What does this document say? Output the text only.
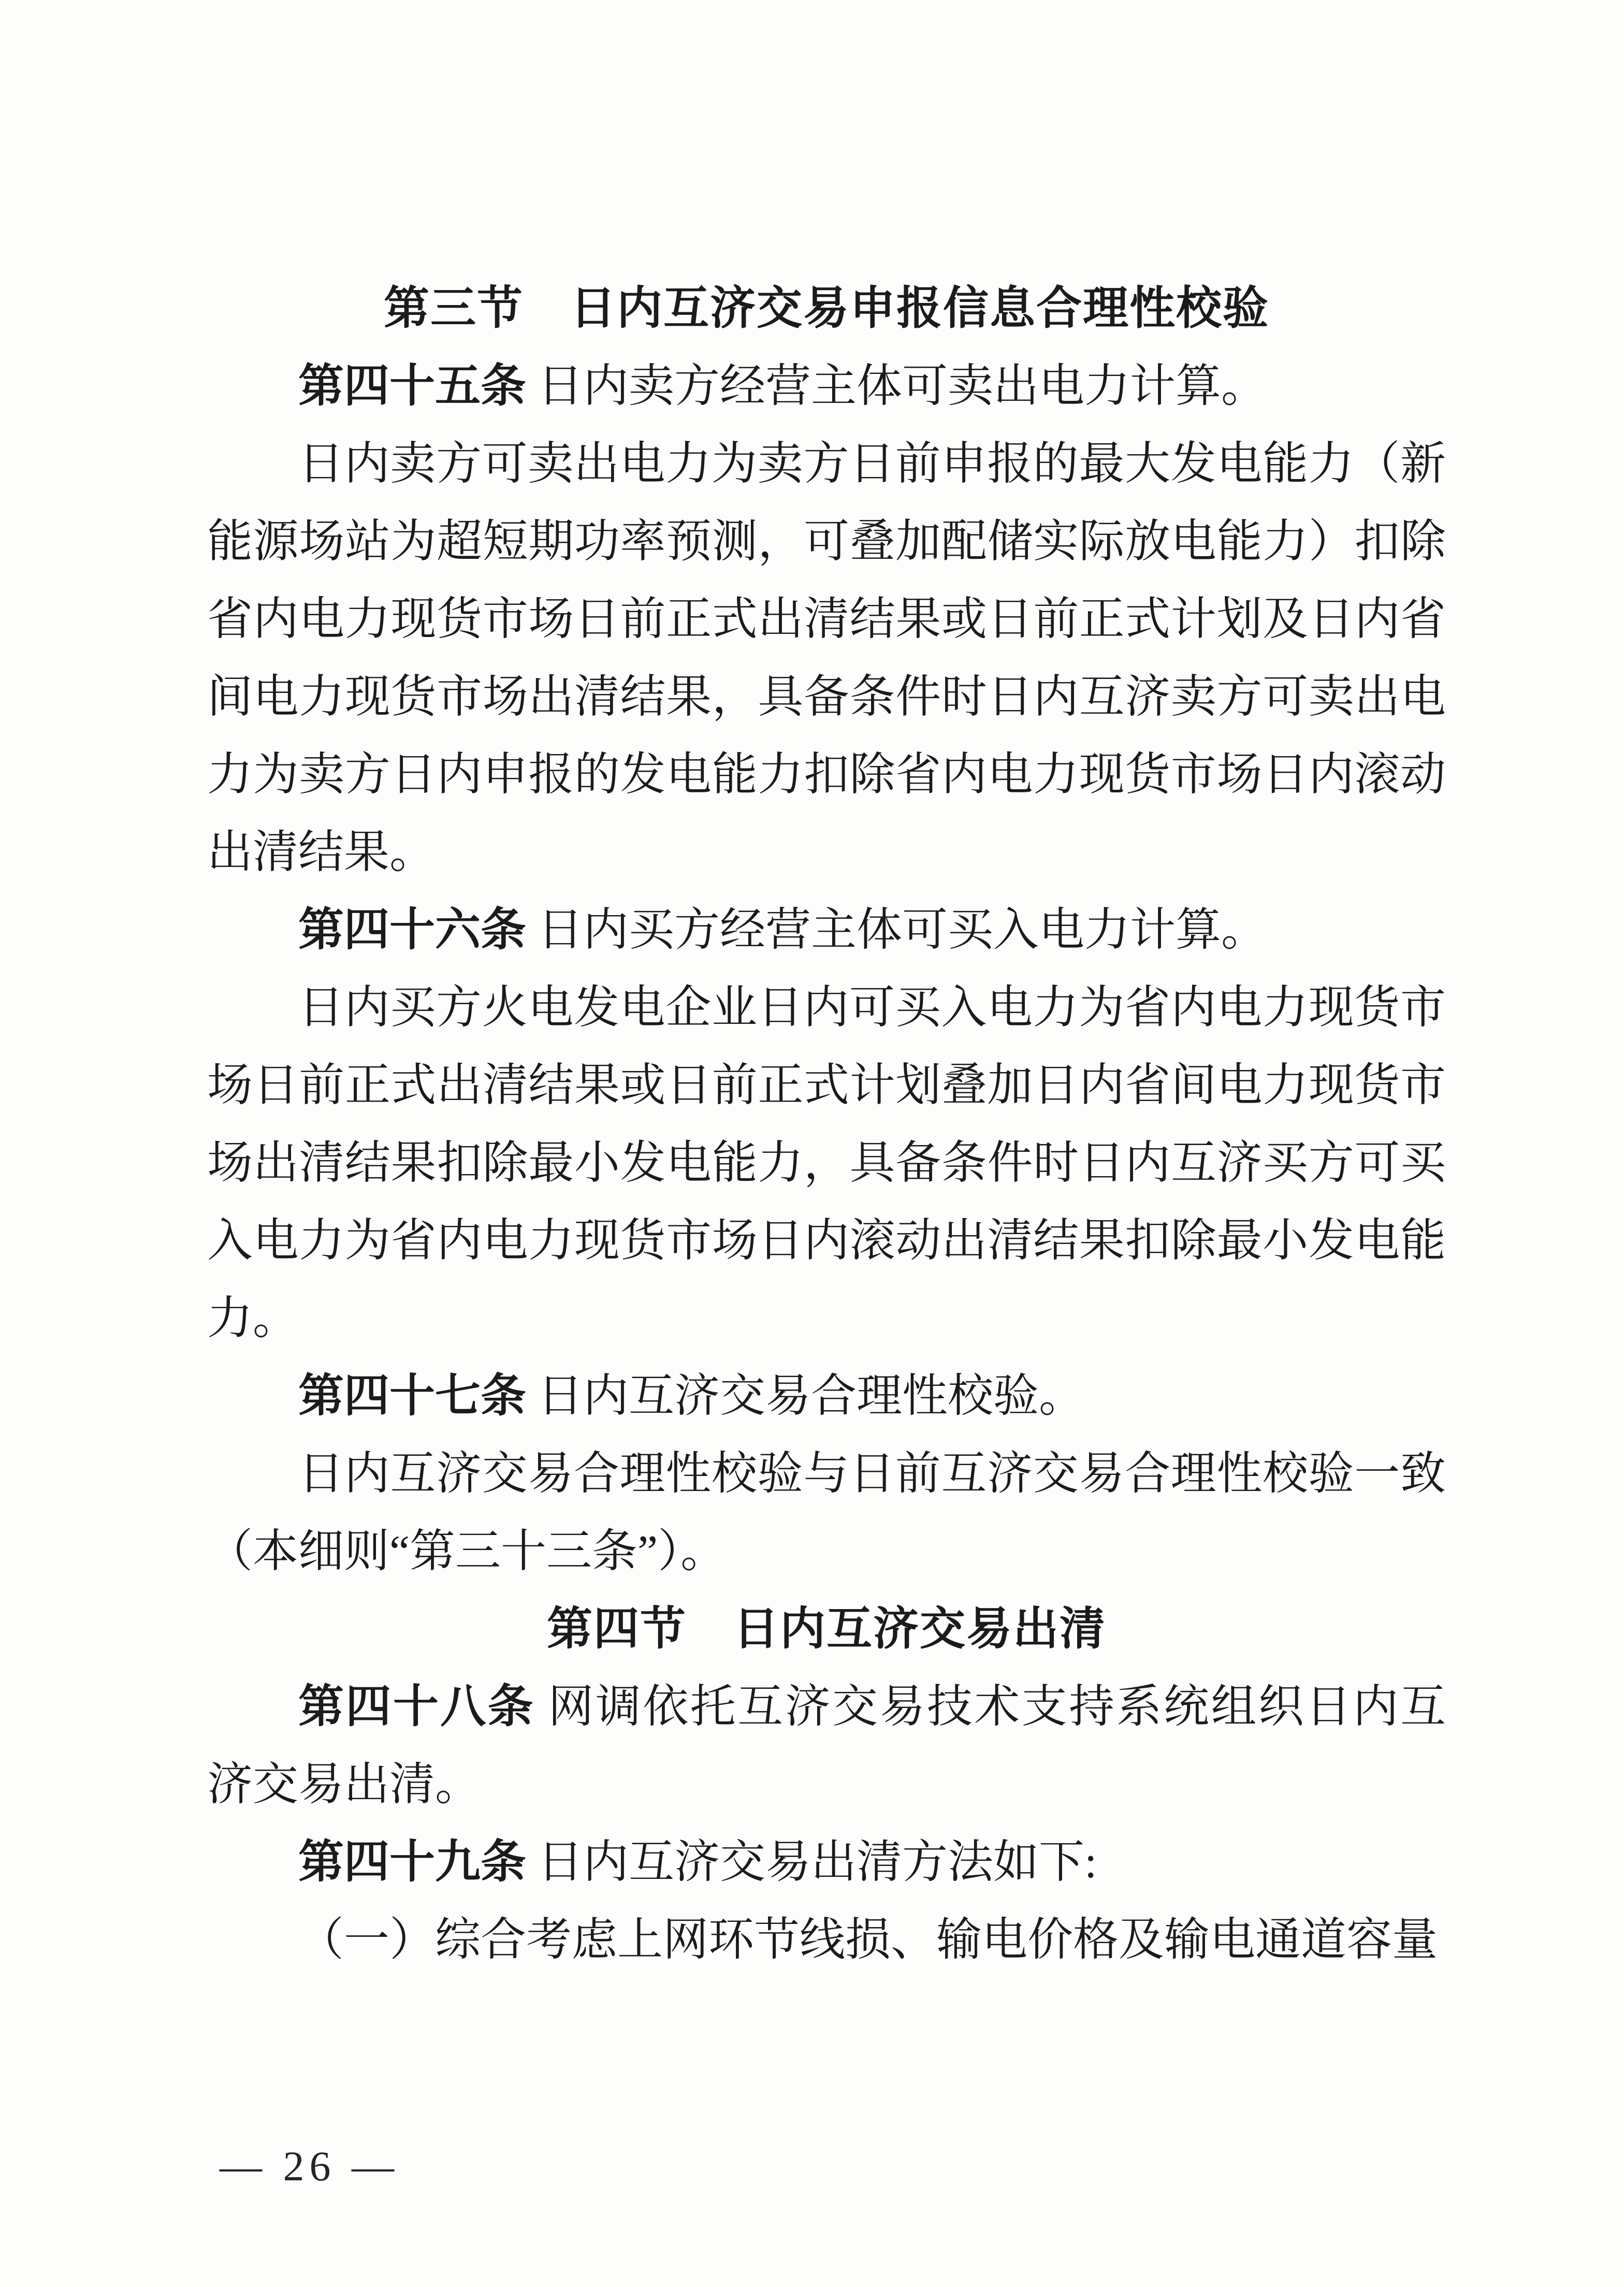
第三节　日内互济交易申报信息合理性校验

第四十五条 日内卖方经营主体可卖出电力计算。

日内卖方可卖出电力为卖方日前申报的最大发电能力（新能源场站为超短期功率预测，可叠加配储实际放电能力）扣除省内电力现货市场日前正式出清结果或日前正式计划及日内省间电力现货市场出清结果，具备条件时日内互济卖方可卖出电力为卖方日内申报的发电能力扣除省内电力现货市场日内滚动出清结果。

第四十六条 日内买方经营主体可买入电力计算。

日内买方火电发电企业日内可买入电力为省内电力现货市场日前正式出清结果或日前正式计划叠加日内省间电力现货市场出清结果扣除最小发电能力，具备条件时日内互济买方可买入电力为省内电力现货市场日内滚动出清结果扣除最小发电能力。

第四十七条 日内互济交易合理性校验。

日内互济交易合理性校验与日前互济交易合理性校验一致（本细则“第三十三条”）。

第四节　日内互济交易出清

第四十八条 网调依托互济交易技术支持系统组织日内互济交易出清。

第四十九条 日内互济交易出清方法如下:

（一）综合考虑上网环节线损、输电价格及输电通道容量

— 26 —
